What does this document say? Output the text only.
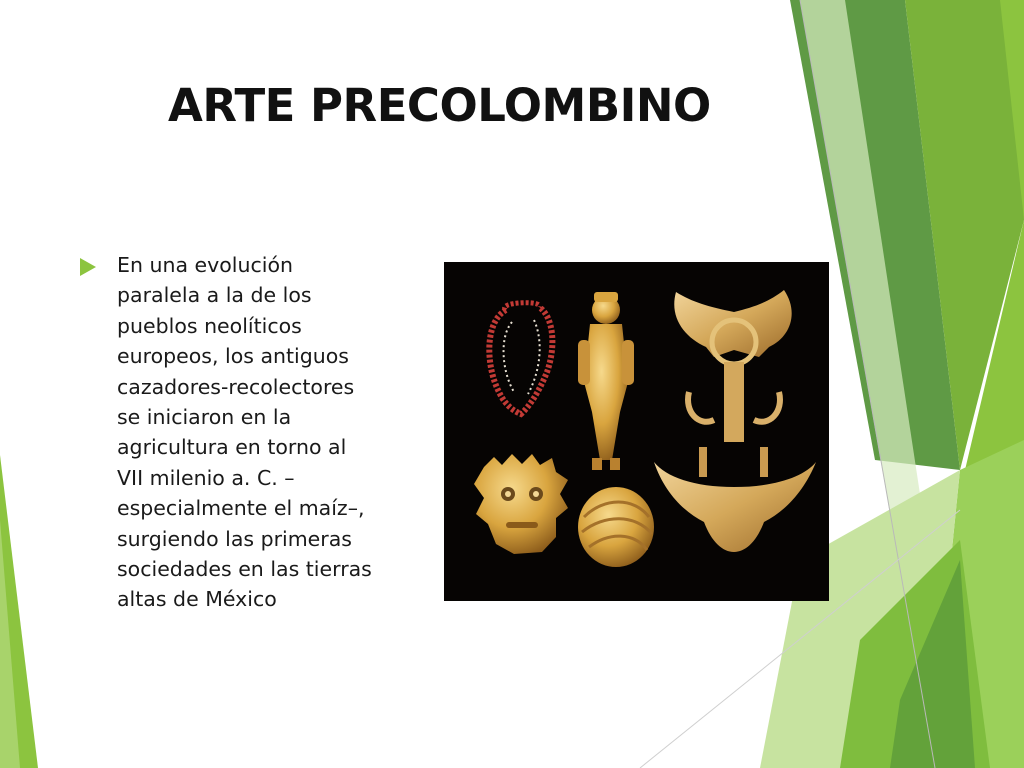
ARTE PRECOLOMBINO

En una evolución
paralela a la de los
pueblos neolíticos
europeos, los antiguos
cazadores-recolectores
se iniciaron en la
agricultura en torno al
VII milenio a. C. –
especialmente el maíz–,
surgiendo las primeras
sociedades en las tierras
altas de México
